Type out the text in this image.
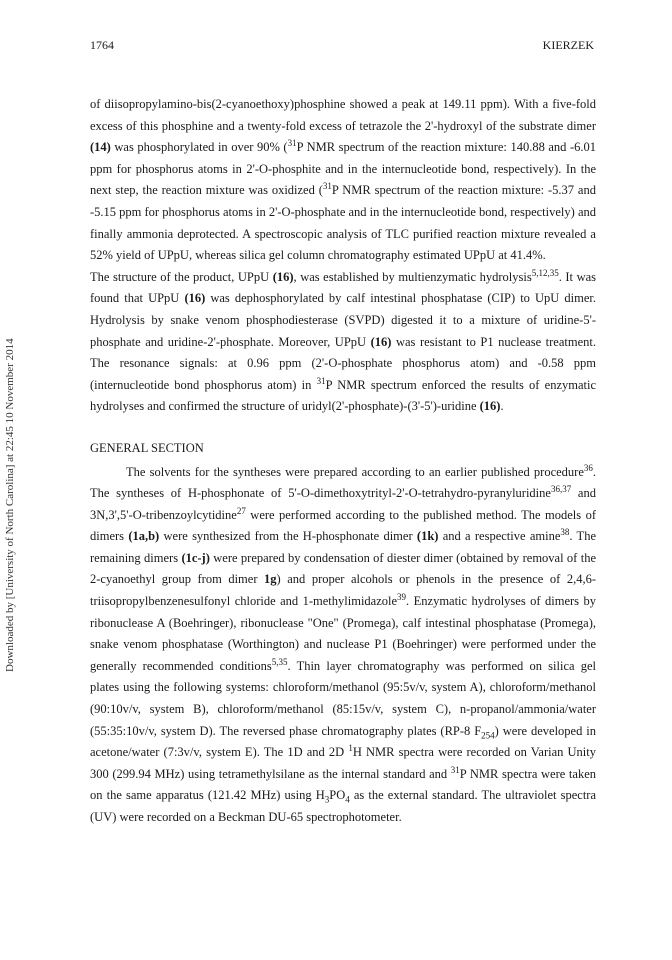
1764	KIERZEK
Downloaded by [University of North Carolina] at 22:45 10 November 2014

of diisopropylamino-bis(2-cyanoethoxy)phosphine showed a peak at 149.11 ppm). With a five-fold excess of this phosphine and a twenty-fold excess of tetrazole the 2'-hydroxyl of the substrate dimer (14) was phosphorylated in over 90% ($^{31}$P NMR spectrum of the reaction mixture: 140.88 and -6.01 ppm for phosphorus atoms in 2'-O-phosphite and in the internucleotide bond, respectively). In the next step, the reaction mixture was oxidized ($^{31}$P NMR spectrum of the reaction mixture: -5.37 and -5.15 ppm for phosphorus atoms in 2'-O-phosphate and in the internucleotide bond, respectively) and finally ammonia deprotected. A spectroscopic analysis of TLC purified reaction mixture revealed a 52% yield of UPpU, whereas silica gel column chromatography estimated UPpU at 41.4%.

The structure of the product, UPpU (16), was established by multienzymatic hydrolysis$^{5,12,35}$. It was found that UPpU (16) was dephosphorylated by calf intestinal phosphatase (CIP) to UpU dimer. Hydrolysis by snake venom phosphodiesterase (SVPD) digested it to a mixture of uridine-5'-phosphate and uridine-2'-phosphate. Moreover, UPpU (16) was resistant to P1 nuclease treatment. The resonance signals: at 0.96 ppm (2'-O-phosphate phosphorus atom) and -0.58 ppm (internucleotide bond phosphorus atom) in $^{31}$P NMR spectrum enforced the results of enzymatic hydrolyses and confirmed the structure of uridyl(2'-phosphate)-(3'-5')-uridine (16).

GENERAL SECTION

The solvents for the syntheses were prepared according to an earlier published procedure$^{36}$. The syntheses of H-phosphonate of 5'-O-dimethoxytrityl-2'-O-tetrahydro-pyranyluridine$^{36,37}$ and 3N,3',5'-O-tribenzoylcytidine$^{27}$ were performed according to the published method. The models of dimers (1a,b) were synthesized from the H-phosphonate dimer (1k) and a respective amine$^{38}$. The remaining dimers (1c-j) were prepared by condensation of diester dimer (obtained by removal of the 2-cyanoethyl group from dimer 1g) and proper alcohols or phenols in the presence of 2,4,6-triisopropylbenzenesulfonyl chloride and 1-methylimidazole$^{39}$. Enzymatic hydrolyses of dimers by ribonuclease A (Boehringer), ribonuclease "One" (Promega), calf intestinal phosphatase (Promega), snake venom phosphatase (Worthington) and nuclease P1 (Boehringer) were performed under the generally recommended conditions$^{5,35}$. Thin layer chromatography was performed on silica gel plates using the following systems: chloroform/methanol (95:5v/v, system A), chloroform/methanol (90:10v/v, system B), chloroform/methanol (85:15v/v, system C), n-propanol/ammonia/water (55:35:10v/v, system D). The reversed phase chromatography plates (RP-8 $F_{254}$) were developed in acetone/water (7:3v/v, system E). The 1D and 2D $^1$H NMR spectra were recorded on Varian Unity 300 (299.94 MHz) using tetramethylsilane as the internal standard and $^{31}$P NMR spectra were taken on the same apparatus (121.42 MHz) using $H_3PO_4$ as the external standard. The ultraviolet spectra (UV) were recorded on a Beckman DU-65 spectrophotometer.
